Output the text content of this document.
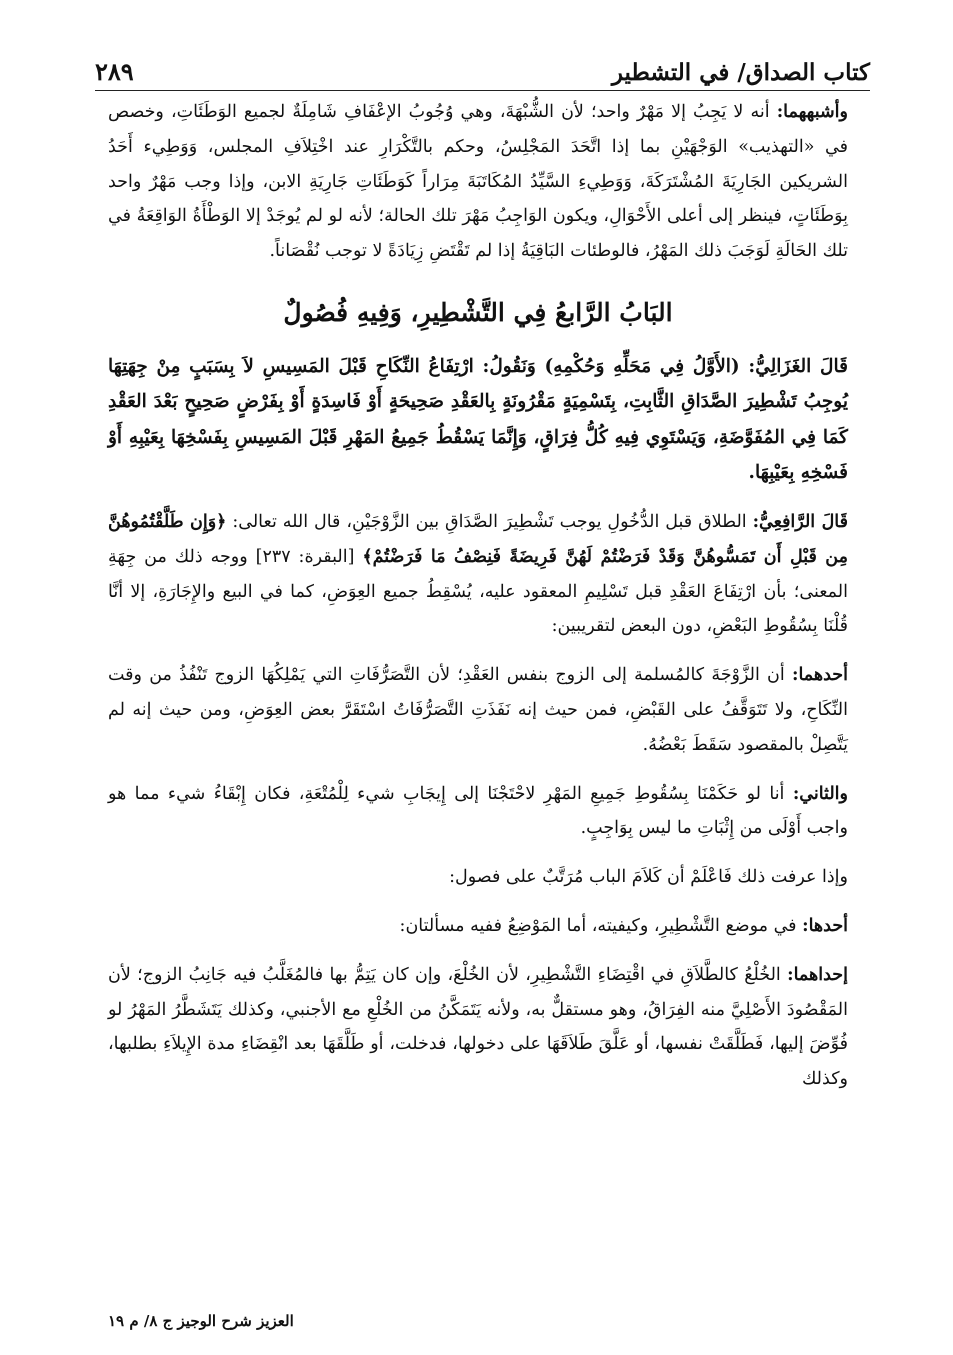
كتاب الصداق/ في التشطير
٢٨٩

وأشبههما: أنه لا يَجِبُ إلا مَهْرٌ واحد؛ لأن الشُّبْهَةَ، وهي وُجُوبُ الإعْفَافِ شَامِلَةٌ لجميع الوَطَئَاتِ، وخصص في «التهذيب» الوَجْهَيْنِ بما إذا اتَّحَدَ المَجْلِسُ، وحكم بالتَّكْرَارِ عند اخْتِلاَفِ المجلس، وَوَطِيء أَحَدُ الشريكين الجَارِيَةَ المُشْتَرَكَةَ، وَوَطِيءِ السَّيِّدُ المُكَاتَبَةَ مِرَاراً كَوَطَئَاتِ جَارِيَةِ الابن، وإذا وجب مَهْرٌ واحد بِوَطَئَاتٍ، فينظر إلى أعلى الأَحْوَالِ، ويكون الوَاجِبُ مَهْرَ تلك الحالة؛ لأنه لو لم يُوجَدْ إلا الوَطْأَةُ الوَاقِعَةُ في تلك الحَالَةِ لَوَجَبَ ذلك المَهْرُ، فالوطئات البَاقِيَةُ إذا لم تَقْتَضِ زِيَادَةً لا توجب نُقْصَاناً.

البَابُ الرَّابعُ فِي التَّشْطِيرِ، وَفِيهِ فُصُولٌ

قَالَ الغَزَالِيُّ: (الأَوَّلُ فِي مَحَلِّهِ وَحُكْمِهِ) وَنَقُولُ: ارْتِفَاعُ النِّكَاحِ قَبْلَ المَسِيسِ لاَ بِسَبَبٍ مِنْ جِهَتِهَا يُوجِبُ تَشْطِيرَ الصَّدَاقِ الثَّابِتِ، بِتَسْمِيَةٍ مَقْرُونَةٍ بِالعَقْدِ صَحِيحَةٍ أَوْ فَاسِدَةٍ أَوْ بِفَرْضٍ صَحِيحٍ بَعْدَ العَقْدِ كَمَا فِي المُفَوَّضَةِ، وَيَسْتَوِي فِيهِ كُلُّ فِرَاقٍ، وَإِنَّمَا يَسْقُطُ جَمِيعُ المَهْرِ قَبْلَ المَسِيسِ بِفَسْخِهَا بِعَيْبِهِ أَوْ فَسْخِهِ بِعَيْبِهَا.

قَالَ الرَّافِعِيُّ: الطلاق قبل الدُّخُولِ يوجب تَشْطِيرَ الصَّدَاقِ بين الزَّوْجَيْنِ، قال الله تعالى: ﴿وَإِن طَلَّقْتُمُوهُنَّ مِن قَبْلِ أَن تَمَسُّوهُنَّ وَقَدْ فَرَضْتُمْ لَهُنَّ فَرِيضَةً فَنِصْفُ مَا فَرَضْتُمْ﴾ [البقرة: ٢٣٧] ووجه ذلك من جِهَةِ المعنى؛ بأن ارْتِفَاعَ العَقْدِ قبل تَسْلِيمِ المعقود عليه، يُسْقِطُ جميع العِوَضِ، كما في البيع والإِجَارَةِ، إلا أنَّا قُلْنَا بِسُقُوطِ البَعْضِ، دون البعض لتقريبين:

أحدهما: أن الزَّوْجَةَ كالمُسلمة إلى الزوج بنفس العَقْدِ؛ لأن التَّصَرُّفَاتِ التي يَمْلِكُهَا الزوج تَنْفُذُ من وقت النِّكَاحِ، ولا تَتَوَقَّفُ على القَبْضِ، فمن حيث إنه نَفَذَتِ التَّصَرُّفَاتُ اسْتَقَرَّ بعض العِوَضِ، ومن حيث إنه لم يَتَّصِلْ بالمقصود سَقَطَ بَعْضُهُ.

والثاني: أنا لو حَكَمْنَا بِسُقُوطِ جَمِيعِ المَهْرِ لاحْتَجْنَا إلى إِيجَابِ شيء لِلْمُتْعَةِ، فكان إِبْقَاءُ شيء مما هو واجب أَوْلَى من إِثْبَاتِ ما ليس بِوَاجِبٍ.

وإذا عرفت ذلك فَاعْلَمْ أن كَلاَمَ الباب مُرَتَّبٌ على فصول:

أحدها: في موضع التَّشْطِيرِ، وكيفيته، أما المَوْضِعُ ففيه مسألتان:

إحداهما: الخُلْعُ كالطَّلاَقِ في اقْتِضَاءِ التَّشْطِيرِ، لأن الخُلْعَ، وإن كان يَتِمُّ بها فالمُغَلَّبُ فيه جَانِبُ الزوج؛ لأن المَقْصُودَ الأَصْلِيَّ منه الفِرَاقُ، وهو مستقلٌّ به، ولأنه يَتَمَكَّنُ من الخُلْعِ مع الأجنبي، وكذلك يَتَشَطَّرُ المَهْرُ لو فُوِّضَ إليها، فَطَلَّقَتْ نفسها، أو عَلَّقَ طَلاَقَهَا على دخولها، فدخلت، أو طَلَّقَهَا بعد انْقِضَاءِ مدة الإِيلاَءِ بطلبها، وكذلك

العزيز شرح الوجيز ج ٨/ م ١٩
